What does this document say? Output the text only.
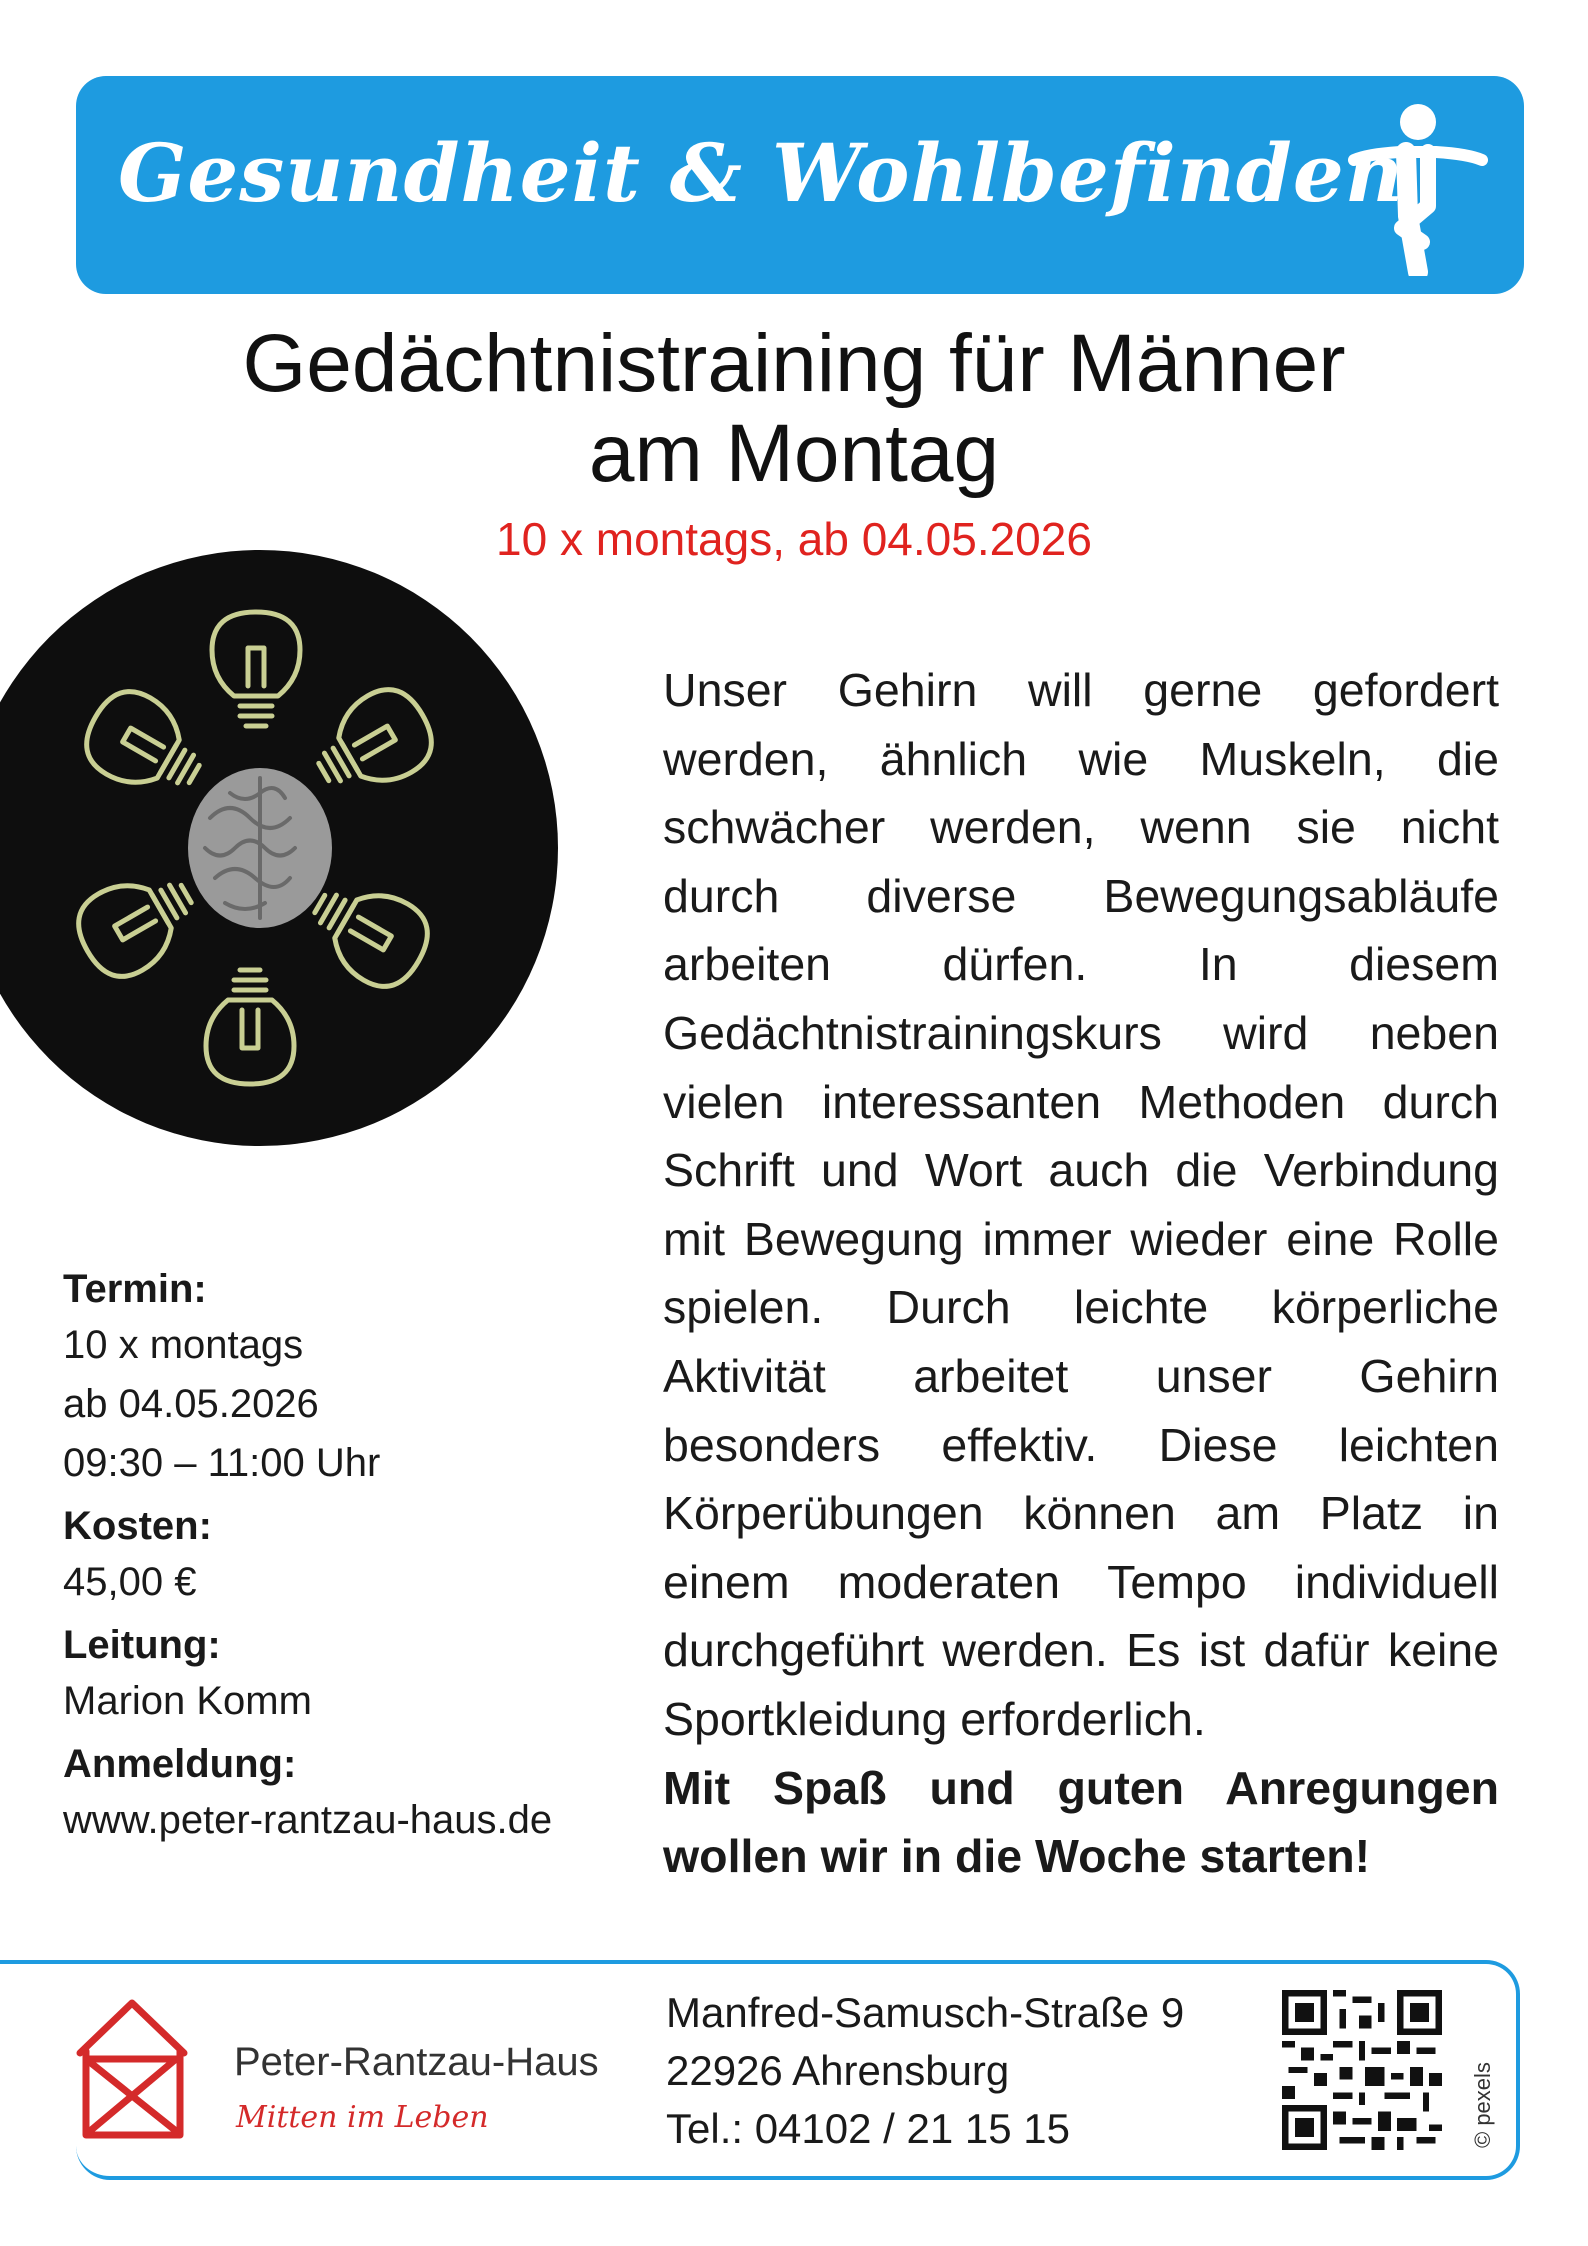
Gesundheit & Wohlbefinden
Gedächtnistraining für Männer
am Montag
10 x montags, ab 04.05.2026

Unser Gehirn will gerne gefordert werden, ähnlich wie Muskeln, die schwächer werden, wenn sie nicht durch diverse Bewegungsabläufe arbeiten dürfen. In diesem Gedächtnistrainingskurs wird neben vielen interessanten Methoden durch Schrift und Wort auch die Verbindung mit Bewegung immer wieder eine Rolle spielen. Durch leichte körperliche Aktivität arbeitet unser Gehirn besonders effektiv. Diese leichten Körperübungen können am Platz in einem moderaten Tempo individuell durchgeführt werden. Es ist dafür keine Sportkleidung erforderlich.

Mit Spaß und guten Anregungen wollen wir in die Woche starten!

Termin:
10 x montags
ab 04.05.2026
09:30 – 11:00 Uhr
Kosten:
45,00 €
Leitung:
Marion Komm
Anmeldung:
www.peter-rantzau-haus.de
Peter-Rantzau-Haus
Mitten im Leben
Manfred-Samusch-Straße 9
22926 Ahrensburg
Tel.: 04102 / 21 15 15	© pexels
